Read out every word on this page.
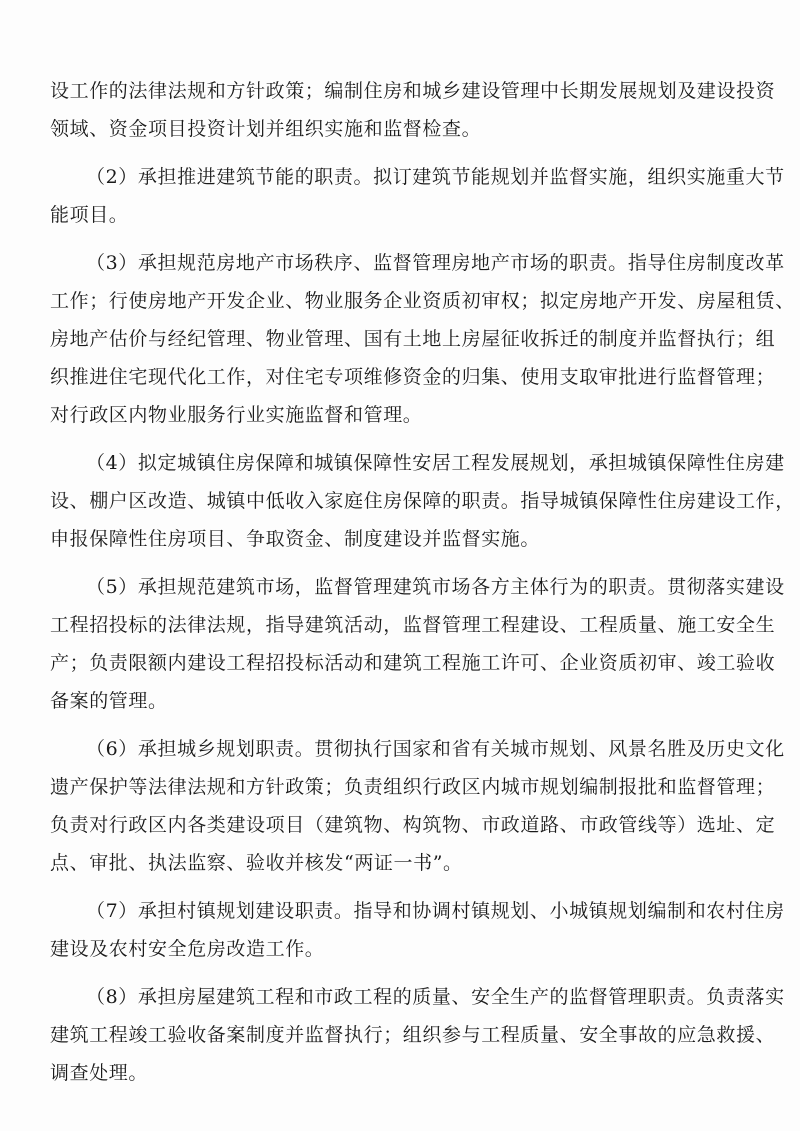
设工作的法律法规和方针政策；编制住房和城乡建设管理中长期发展规划及建设投资
领域、资金项目投资计划并组织实施和监督检查。
（2）承担推进建筑节能的职责。拟订建筑节能规划并监督实施，组织实施重大节
能项目。
（3）承担规范房地产市场秩序、监督管理房地产市场的职责。指导住房制度改革
工作；行使房地产开发企业、物业服务企业资质初审权；拟定房地产开发、房屋租赁、
房地产估价与经纪管理、物业管理、国有土地上房屋征收拆迁的制度并监督执行；组
织推进住宅现代化工作，对住宅专项维修资金的归集、使用支取审批进行监督管理；
对行政区内物业服务行业实施监督和管理。
（4）拟定城镇住房保障和城镇保障性安居工程发展规划，承担城镇保障性住房建
设、棚户区改造、城镇中低收入家庭住房保障的职责。指导城镇保障性住房建设工作，
申报保障性住房项目、争取资金、制度建设并监督实施。
（5）承担规范建筑市场，监督管理建筑市场各方主体行为的职责。贯彻落实建设
工程招投标的法律法规，指导建筑活动，监督管理工程建设、工程质量、施工安全生
产；负责限额内建设工程招投标活动和建筑工程施工许可、企业资质初审、竣工验收
备案的管理。
（6）承担城乡规划职责。贯彻执行国家和省有关城市规划、风景名胜及历史文化
遗产保护等法律法规和方针政策；负责组织行政区内城市规划编制报批和监督管理；
负责对行政区内各类建设项目（建筑物、构筑物、市政道路、市政管线等）选址、定
点、审批、执法监察、验收并核发“两证一书”。
（7）承担村镇规划建设职责。指导和协调村镇规划、小城镇规划编制和农村住房
建设及农村安全危房改造工作。
（8）承担房屋建筑工程和市政工程的质量、安全生产的监督管理职责。负责落实
建筑工程竣工验收备案制度并监督执行；组织参与工程质量、安全事故的应急救援、
调查处理。
